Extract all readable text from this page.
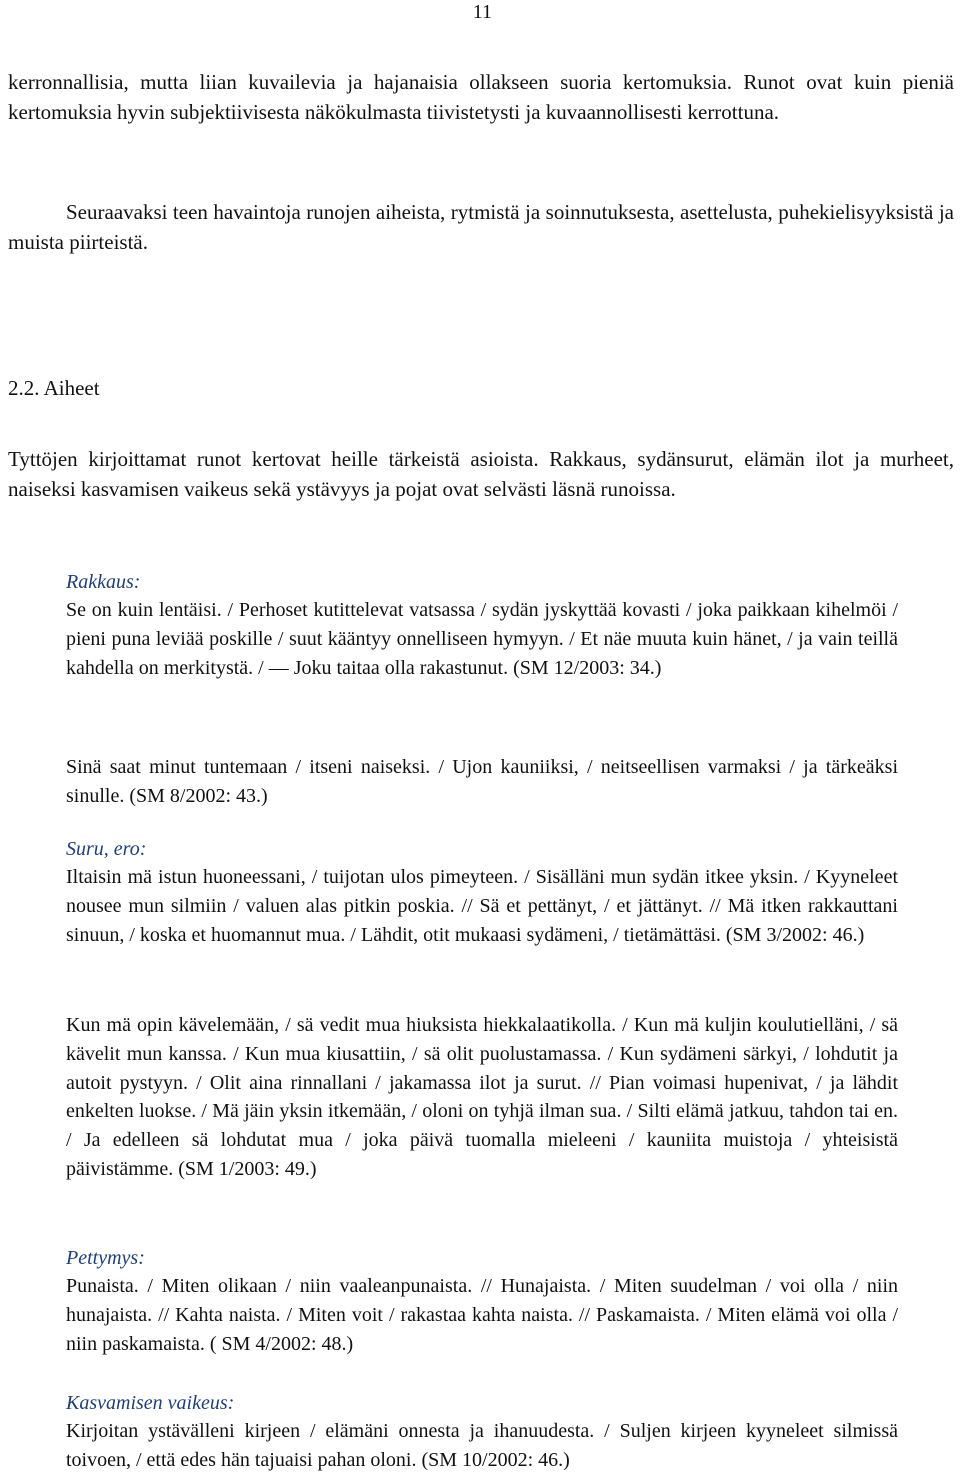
11

kerronnallisia, mutta liian kuvailevia ja hajanaisia ollakseen suoria kertomuksia. Runot ovat kuin pieniä kertomuksia hyvin subjektiivisesta näkökulmasta tiivistetysti ja kuvaannollisesti kerrottuna.

Seuraavaksi teen havaintoja runojen aiheista, rytmistä ja soinnutuksesta, asettelusta, puhekielisyyksistä ja muista piirteistä.

2.2. Aiheet

Tyttöjen kirjoittamat runot kertovat heille tärkeistä asioista. Rakkaus, sydänsurut, elämän ilot ja murheet, naiseksi kasvamisen vaikeus sekä ystävyys ja pojat ovat selvästi läsnä runoissa.

Rakkaus:

Se on kuin lentäisi. / Perhoset kutittelevat vatsassa / sydän jyskyttää kovasti / joka paikkaan kihelmöi / pieni puna leviää poskille / suut kääntyy onnelliseen hymyyn. / Et näe muuta kuin hänet, / ja vain teillä kahdella on merkitystä. / — Joku taitaa olla rakastunut. (SM 12/2003: 34.)

Sinä saat minut tuntemaan / itseni naiseksi. / Ujon kauniiksi, / neitseellisen varmaksi / ja tärkeäksi sinulle. (SM 8/2002: 43.)

Suru, ero:

Iltaisin mä istun huoneessani, / tuijotan ulos pimeyteen. / Sisälläni mun sydän itkee yksin. / Kyyneleet nousee mun silmiin / valuen alas pitkin poskia. // Sä et pettänyt, / et jättänyt. // Mä itken rakkauttani sinuun, / koska et huomannut mua. / Lähdit, otit mukaasi sydämeni, / tietämättäsi. (SM 3/2002: 46.)

Kun mä opin kävelemään, / sä vedit mua hiuksista hiekkalaatikolla. / Kun mä kuljin koulutielläni, / sä kävelit mun kanssa. / Kun mua kiusattiin, / sä olit puolustamassa. / Kun sydämeni särkyi, / lohdutit ja autoit pystyyn. / Olit aina rinnallani / jakamassa ilot ja surut. // Pian voimasi hupenivat, / ja lähdit enkelten luokse. / Mä jäin yksin itkemään, / oloni on tyhjä ilman sua. / Silti elämä jatkuu, tahdon tai en. / Ja edelleen sä lohdutat mua / joka päivä tuomalla mieleeni / kauniita muistoja / yhteisistä päivistämme. (SM 1/2003: 49.)

Pettymys:

Punaista. / Miten olikaan / niin vaaleanpunaista. // Hunajaista. / Miten suudelman / voi olla / niin hunajaista. // Kahta naista. / Miten voit / rakastaa kahta naista. // Paskamaista. / Miten elämä voi olla / niin paskamaista. ( SM 4/2002: 48.)

Kasvamisen vaikeus:

Kirjoitan ystävälleni kirjeen / elämäni onnesta ja ihanuudesta. / Suljen kirjeen kyyneleet silmissä toivoen, / että edes hän tajuaisi pahan oloni. (SM 10/2002: 46.)
